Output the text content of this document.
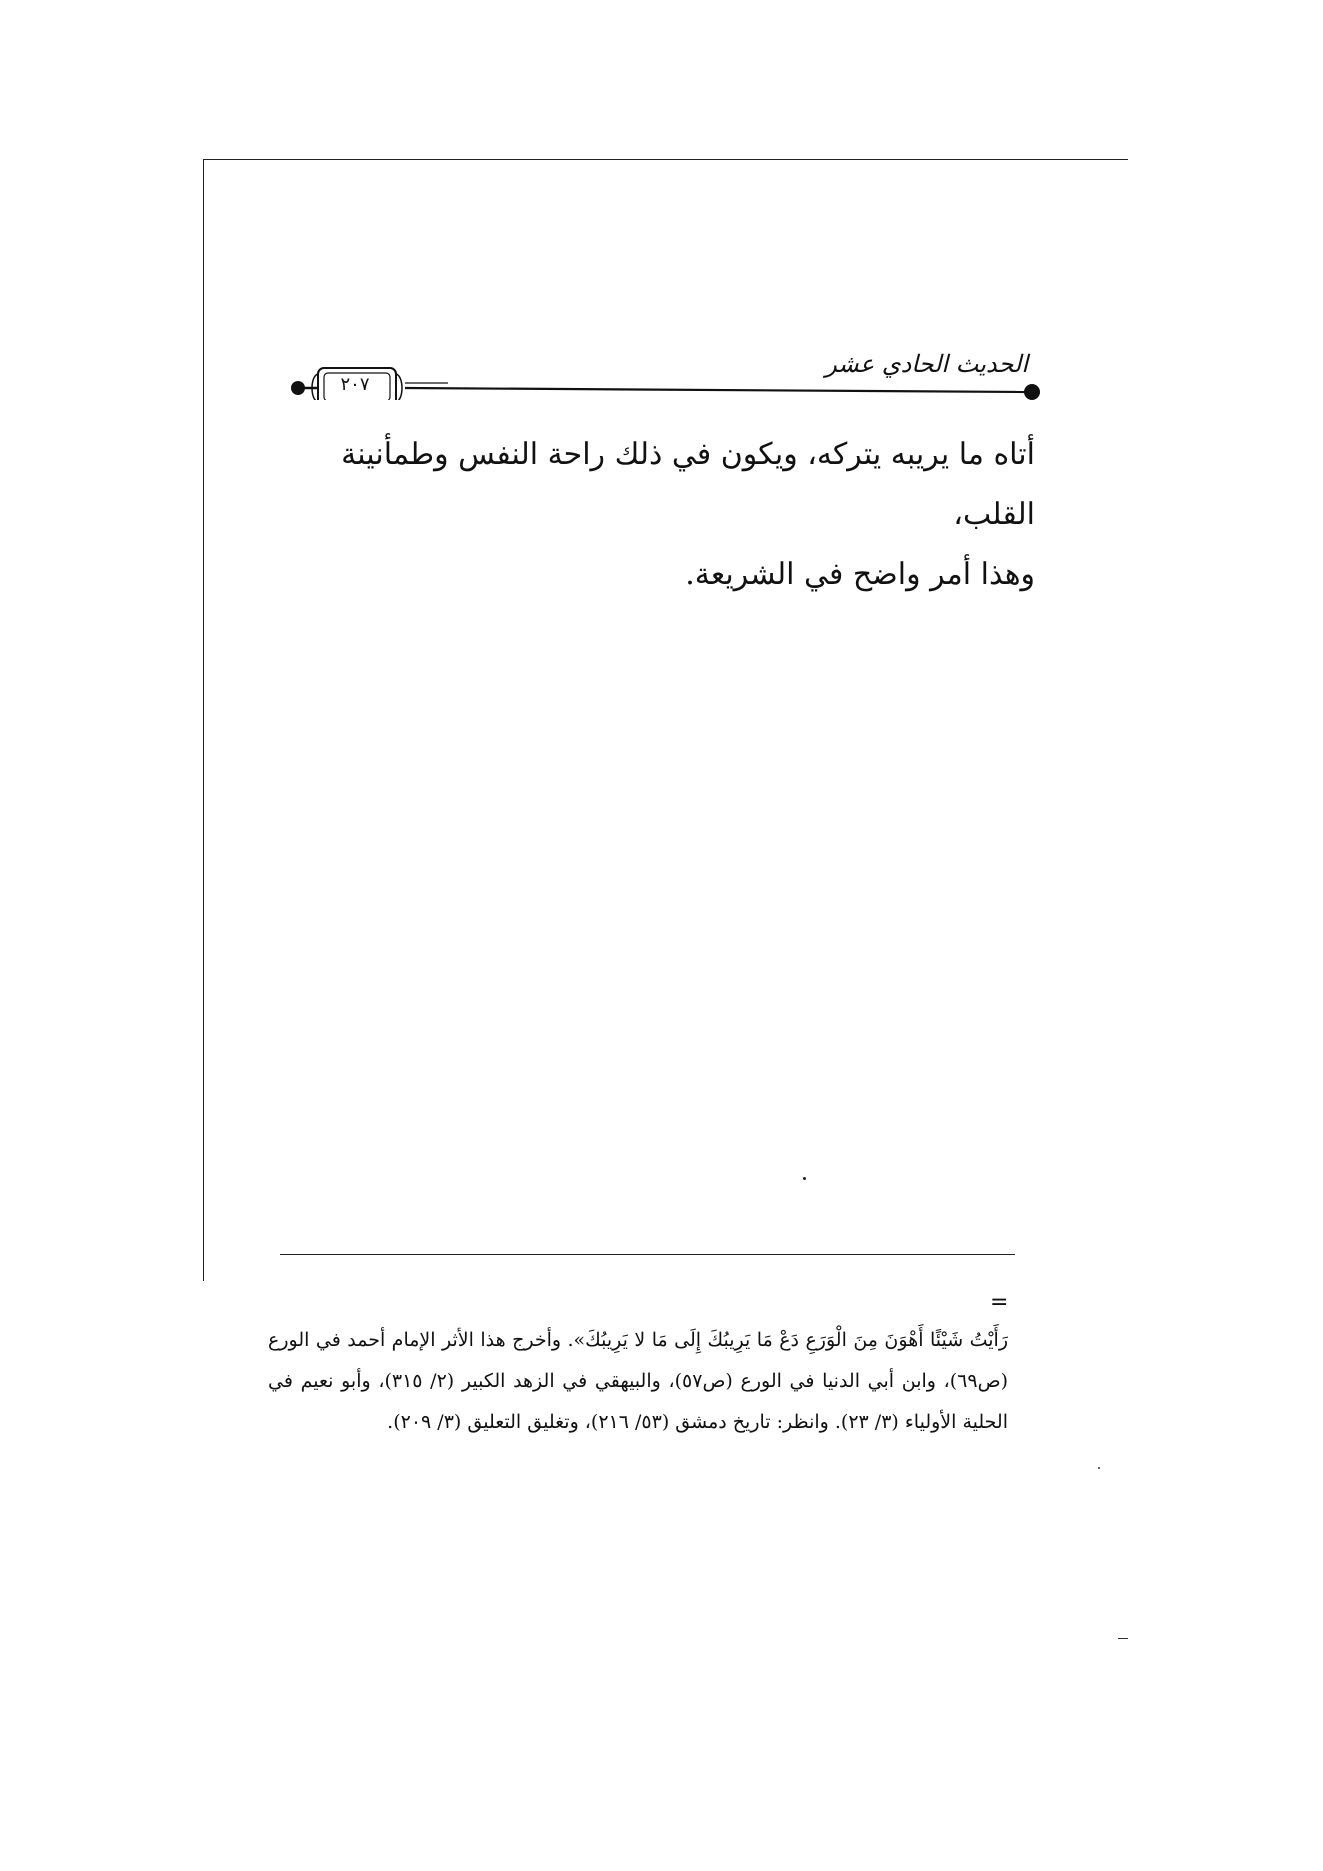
٢٠٧
الحديث الحادي عشر

أتاه ما يريبه يتركه، ويكون في ذلك راحة النفس وطمأنينة القلب،

وهذا أمر واضح في الشريعة.

=

رَأَيْتُ شَيْئًا أَهْوَنَ مِنَ الْوَرَعِ دَعْ مَا يَرِيبُكَ إِلَى مَا لا يَرِيبُكَ». وأخرج هذا الأثر الإمام أحمد في الورع (ص٦٩)، وابن أبي الدنيا في الورع (ص٥٧)، والبيهقي في الزهد الكبير (٢/ ٣١٥)، وأبو نعيم في الحلية الأولياء (٣/ ٢٣). وانظر: تاريخ دمشق (٥٣/ ٢١٦)، وتغليق التعليق (٣/ ٢٠٩).
